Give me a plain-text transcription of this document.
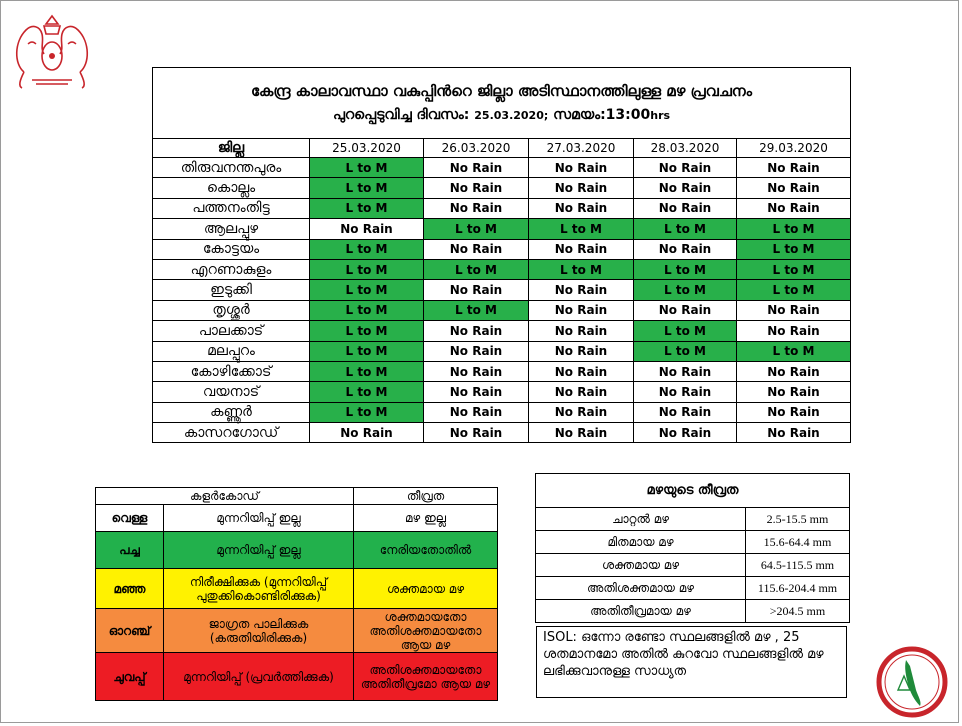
കേന്ദ്ര കാലാവസ്ഥാ വകുപ്പിന്‍റെ ജില്ലാ അടിസ്ഥാനത്തിലുള്ള മഴ പ്രവചനം
പുറപ്പെടുവിച്ച ദിവസം: 25.03.2020; സമയം:13:00hrs					

ജില്ല	25.03.2020	26.03.2020	27.03.2020	28.03.2020	29.03.2020
തിരുവനന്തപുരം	L to M	No Rain	No Rain	No Rain	No Rain
കൊല്ലം	L to M	No Rain	No Rain	No Rain	No Rain
പത്തനംതിട്ട	L to M	No Rain	No Rain	No Rain	No Rain
ആലപ്പുഴ	No Rain	L to M	L to M	L to M	L to M
കോട്ടയം	L to M	No Rain	No Rain	No Rain	L to M
എറണാകുളം	L to M	L to M	L to M	L to M	L to M
ഇടുക്കി	L to M	No Rain	No Rain	L to M	L to M
തൃശ്ശൂർ	L to M	L to M	No Rain	No Rain	No Rain
പാലക്കാട്	L to M	No Rain	No Rain	L to M	No Rain
മലപ്പുറം	L to M	No Rain	No Rain	L to M	L to M
കോഴിക്കോട്	L to M	No Rain	No Rain	No Rain	No Rain
വയനാട്	L to M	No Rain	No Rain	No Rain	No Rain
കണ്ണൂർ	L to M	No Rain	No Rain	No Rain	No Rain
കാസറഗോഡ്	No Rain	No Rain	No Rain	No Rain	No Rain
കളർകോഡ്		തീവ്രത
വെള്ള	മുന്നറിയിപ്പ് ഇല്ല	മഴ ഇല്ല
പച്ച	മുന്നറിയിപ്പ് ഇല്ല	നേരിയതോതിൽ
മഞ്ഞ	നിരീക്ഷിക്കുക (മുന്നറിയിപ്പ് പുതുക്കികൊണ്ടിരിക്കുക)	ശക്തമായ മഴ
ഓറഞ്ച്	ജാഗ്രത പാലിക്കുക (കരുതിയിരിക്കുക)	ശക്തമായതോ അതിശക്തമായതോ ആയ മഴ
ചുവപ്പ്	മുന്നറിയിപ്പ് (പ്രവർത്തിക്കുക)	അതിശക്തമായതോ അതിതീവ്രമോ ആയ മഴ
മഴയുടെ തീവ്രത	
ചാറ്റൽ മഴ	2.5-15.5 mm
മിതമായ മഴ	15.6-64.4 mm
ശക്തമായ മഴ	64.5-115.5 mm
അതിശക്തമായ മഴ	115.6-204.4 mm
അതിതീവ്രമായ മഴ	>204.5 mm
ISOL: ഒന്നോ രണ്ടോ സ്ഥലങ്ങളിൽ മഴ , 25 ശതമാനമോ അതിൽ കുറവോ സ്ഥലങ്ങളിൽ മഴ ലഭിക്കുവാനുള്ള സാധ്യത
